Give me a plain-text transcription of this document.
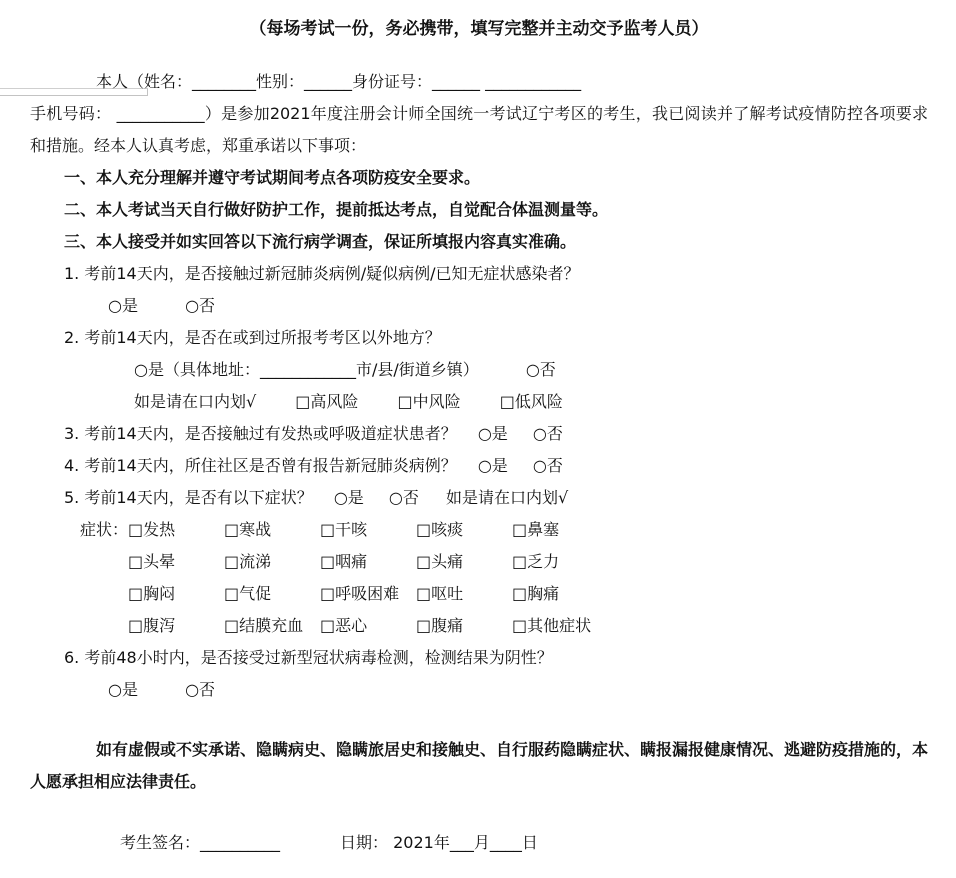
（每场考试一份，务必携带，填写完整并主动交予监考人员）
本人（姓名：________性别：______身份证号：______ ____________
手机号码： ___________）是参加2021年度注册会计师全国统一考试辽宁考区的考生，我已阅读并了解考试疫情防控各项要求和措施。经本人认真考虑，郑重承诺以下事项：
一、本人充分理解并遵守考试期间考点各项防疫安全要求。
二、本人考试当天自行做好防护工作，提前抵达考点，自觉配合体温测量等。
三、本人接受并如实回答以下流行病学调查，保证所填报内容真实准确。
1. 考前14天内，是否接触过新冠肺炎病例/疑似病例/已知无症状感染者？
○是	○否
2. 考前14天内，是否在或到过所报考考区以外地方？
○是（具体地址：____________市/县/街道乡镇）	○否
如是请在口内划√ □高风险 □中风险 □低风险
3. 考前14天内，是否接触过有发热或呼吸道症状患者？ ○是 ○否
4. 考前14天内，所住社区是否曾有报告新冠肺炎病例？ ○是 ○否
5. 考前14天内，是否有以下症状？ ○是 ○否 如是请在口内划√
症状：□发热	□寒战	□干咳	□咳痰	□鼻塞
□头晕	□流涕	□咽痛	□头痛	□乏力
□胸闷	□气促	□呼吸困难 □呕吐	□胸痛
□腹泻	□结膜充血 □恶心	□腹痛	□其他症状
6. 考前48小时内，是否接受过新型冠状病毒检测，检测结果为阴性？
○是	○否
如有虚假或不实承诺、隐瞒病史、隐瞒旅居史和接触史、自行服药隐瞒症状、瞒报漏报健康情况、逃避防疫措施的，本人愿承担相应法律责任。
考生签名：__________	日期： 2021年___月____日
